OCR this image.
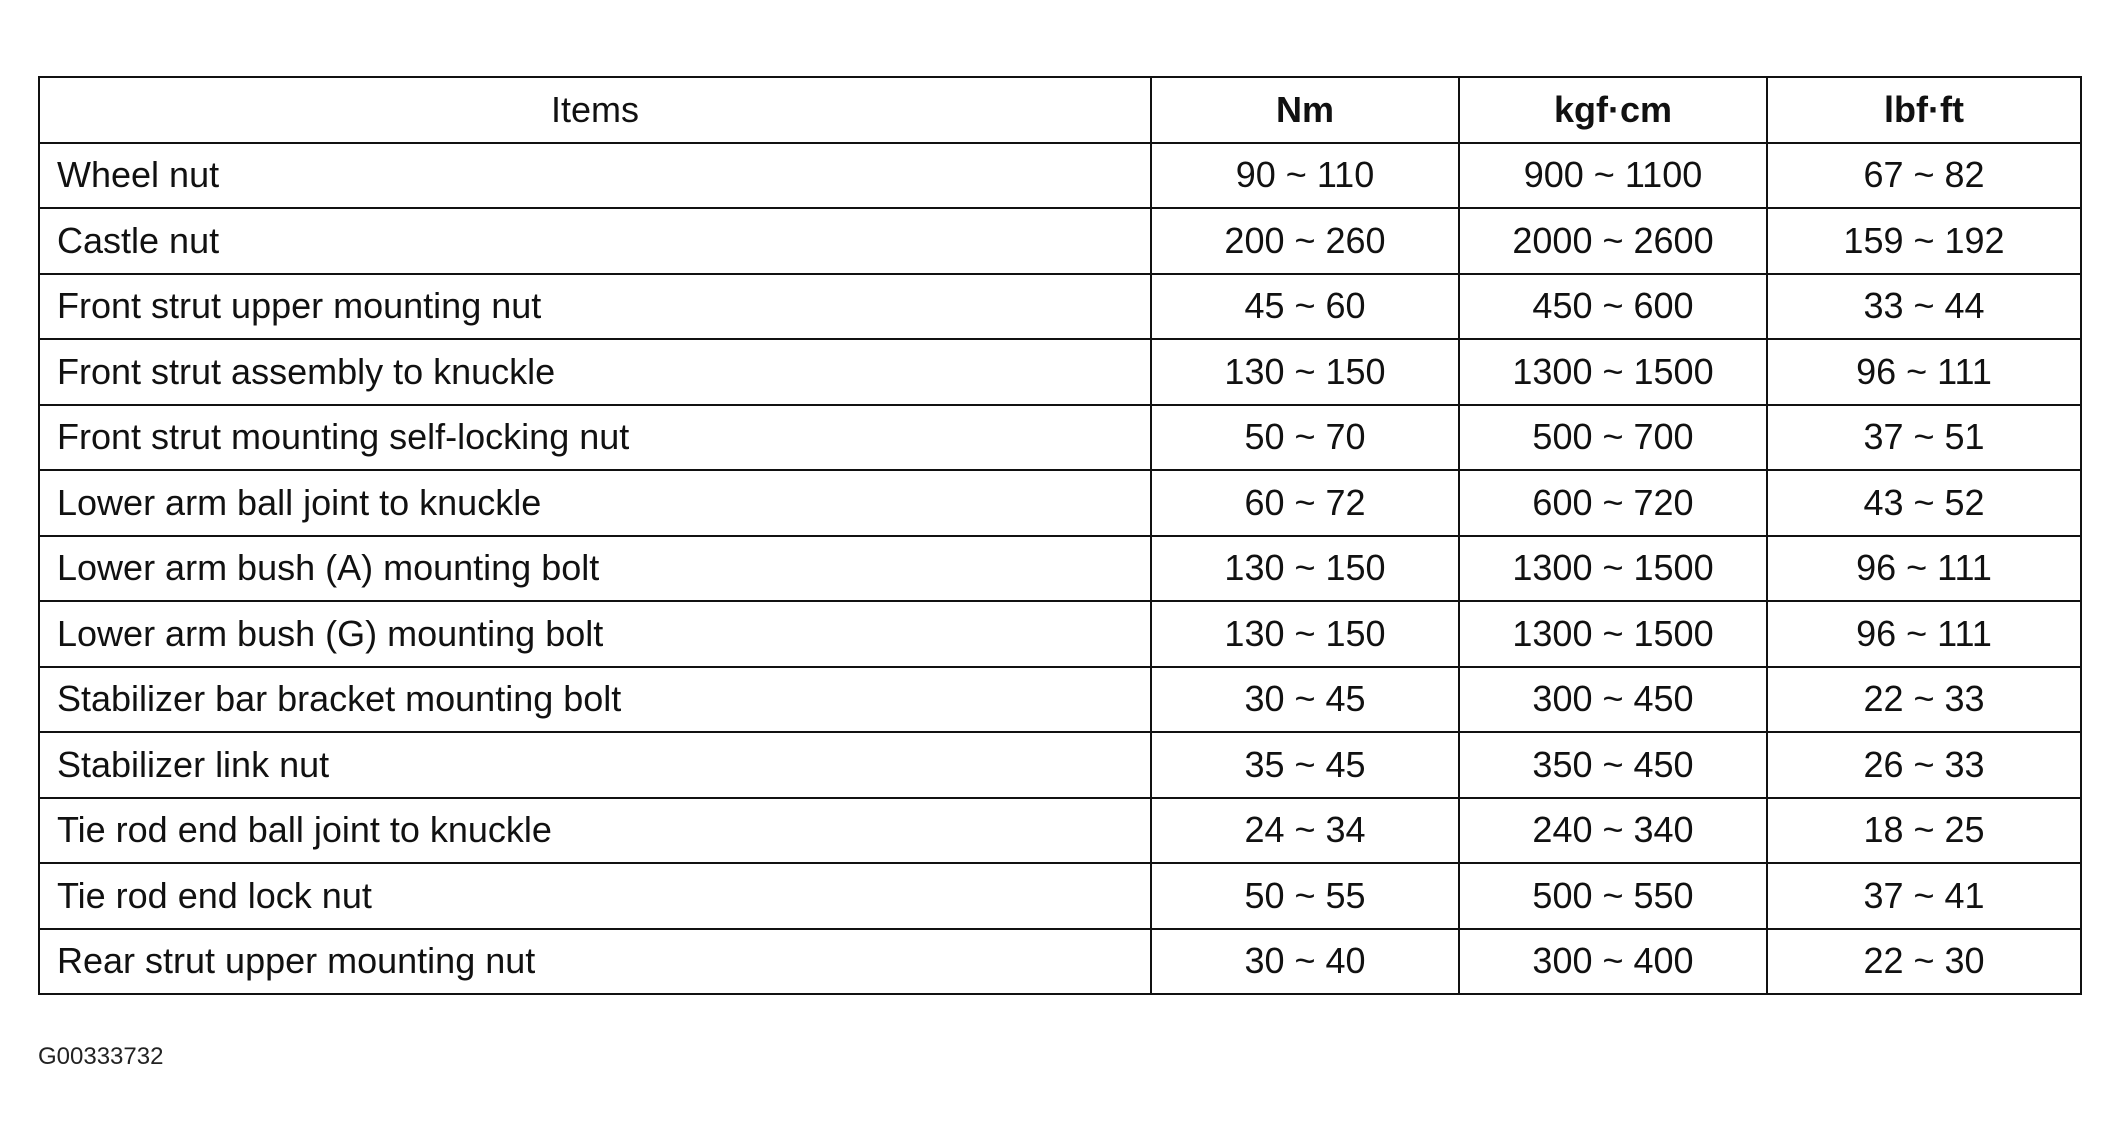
Items	Nm	kgf·cm	lbf·ft
Wheel nut	90 ~ 110	900 ~ 1100	67 ~ 82
Castle nut	200 ~ 260	2000 ~ 2600	159 ~ 192
Front strut upper mounting nut	45 ~ 60	450 ~ 600	33 ~ 44
Front strut assembly to knuckle	130 ~ 150	1300 ~ 1500	96 ~ 111
Front strut mounting self-locking nut	50 ~ 70	500 ~ 700	37 ~ 51
Lower arm ball joint to knuckle	60 ~ 72	600 ~ 720	43 ~ 52
Lower arm bush (A) mounting bolt	130 ~ 150	1300 ~ 1500	96 ~ 111
Lower arm bush (G) mounting bolt	130 ~ 150	1300 ~ 1500	96 ~ 111
Stabilizer bar bracket mounting bolt	30 ~ 45	300 ~ 450	22 ~ 33
Stabilizer link nut	35 ~ 45	350 ~ 450	26 ~ 33
Tie rod end ball joint to knuckle	24 ~ 34	240 ~ 340	18 ~ 25
Tie rod end lock nut	50 ~ 55	500 ~ 550	37 ~ 41
Rear strut upper mounting nut	30 ~ 40	300 ~ 400	22 ~ 30
G00333732
